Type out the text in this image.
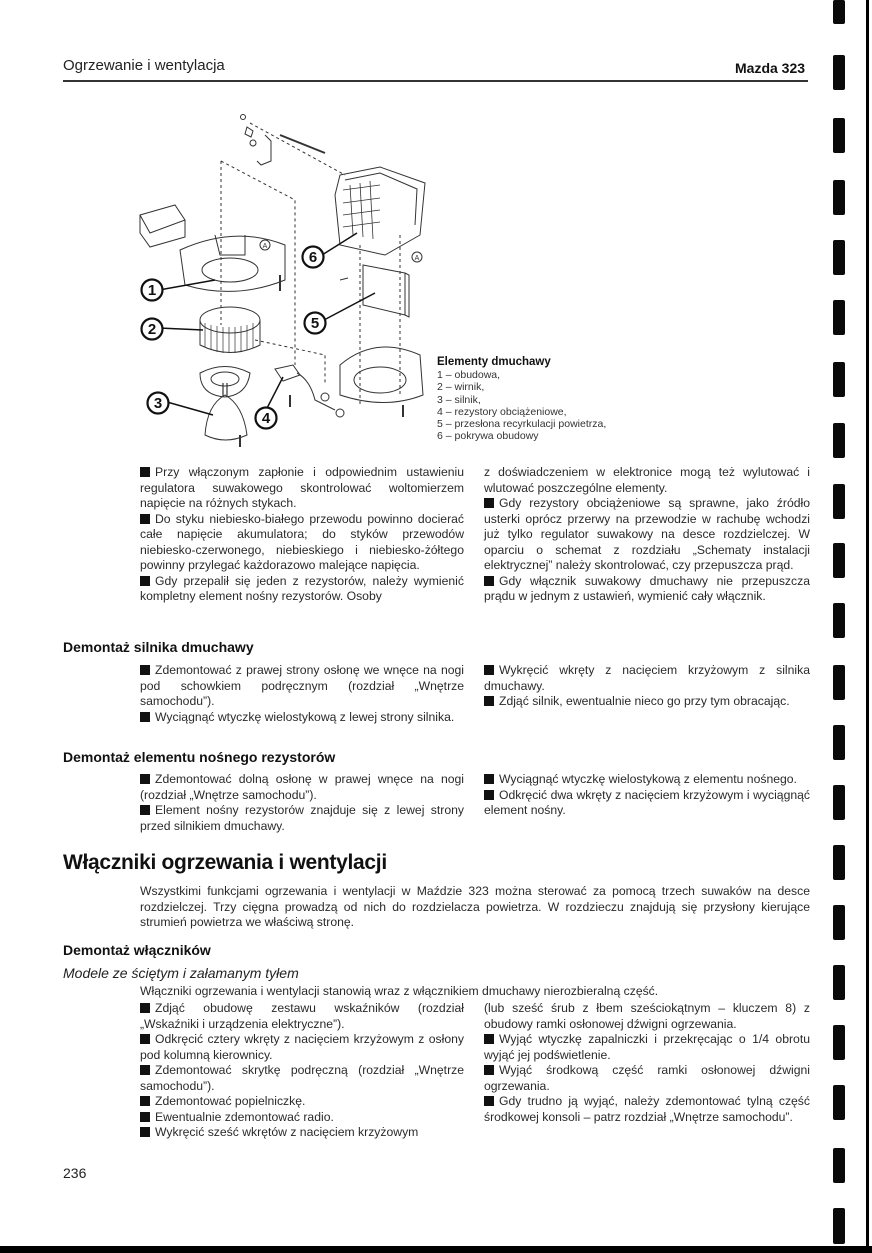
Ogrzewanie i wentylacja	Mazda 323
A
A
1
2
3
4
5
6
Elementy dmuchawy
1 – obudowa,
2 – wirnik,
3 – silnik,
4 – rezystory obciążeniowe,
5 – przesłona recyrkulacji powietrza,
6 – pokrywa obudowy

Przy włączonym zapłonie i odpowiednim ustawieniu regulatora suwakowego skontrolować woltomierzem napięcie na różnych stykach.

Do styku niebiesko-białego przewodu powinno docierać całe napięcie akumulatora; do styków przewodów niebiesko-czerwonego, niebieskiego i niebiesko-żółtego powinny przylegać każdorazowo malejące napięcia.

Gdy przepalił się jeden z rezystorów, należy wymienić kompletny element nośny rezystorów. Osoby

z doświadczeniem w elektronice mogą też wylutować i wlutować poszczególne elementy.

Gdy rezystory obciążeniowe są sprawne, jako źródło usterki oprócz przerwy na przewodzie w rachubę wchodzi już tylko regulator suwakowy na desce rozdzielczej. W oparciu o schemat z rozdziału „Schematy instalacji elektrycznej” należy skontrolować, czy przepuszcza prąd.

Gdy włącznik suwakowy dmuchawy nie przepuszcza prądu w jednym z ustawień, wymienić cały włącznik.

Demontaż silnika dmuchawy

Zdemontować z prawej strony osłonę we wnęce na nogi pod schowkiem podręcznym (rozdział „Wnętrze samochodu”).

Wyciągnąć wtyczkę wielostykową z lewej strony silnika.

Wykręcić wkręty z nacięciem krzyżowym z silnika dmuchawy.

Zdjąć silnik, ewentualnie nieco go przy tym obracając.

Demontaż elementu nośnego rezystorów

Zdemontować dolną osłonę w prawej wnęce na nogi (rozdział „Wnętrze samochodu”).

Element nośny rezystorów znajduje się z lewej strony przed silnikiem dmuchawy.

Wyciągnąć wtyczkę wielostykową z elementu nośnego.

Odkręcić dwa wkręty z nacięciem krzyżowym i wyciągnąć element nośny.

Włączniki ogrzewania i wentylacji
Wszystkimi funkcjami ogrzewania i wentylacji w Maździe 323 można sterować za pomocą trzech suwaków na desce rozdzielczej. Trzy cięgna prowadzą od nich do rozdzielacza powietrza. W rozdzieczu znajdują się przysłony kierujące strumień powietrza we właściwą stronę.
Demontaż włączników
Modele ze ściętym i załamanym tyłem
Włączniki ogrzewania i wentylacji stanowią wraz z włącznikiem dmuchawy nierozbieralną część.

Zdjąć obudowę zestawu wskaźników (rozdział „Wskaźniki i urządzenia elektryczne”).

Odkręcić cztery wkręty z nacięciem krzyżowym z osłony pod kolumną kierownicy.

Zdemontować skrytkę podręczną (rozdział „Wnętrze samochodu”).

Zdemontować popielniczkę.

Ewentualnie zdemontować radio.

Wykręcić sześć wkrętów z nacięciem krzyżowym

(lub sześć śrub z łbem sześciokątnym – kluczem 8) z obudowy ramki osłonowej dźwigni ogrzewania.

Wyjąć wtyczkę zapalniczki i przekręcając o 1/4 obrotu wyjąć jej podświetlenie.

Wyjąć środkową część ramki osłonowej dźwigni ogrzewania.

Gdy trudno ją wyjąć, należy zdemontować tylną część środkowej konsoli – patrz rozdział „Wnętrze samochodu”.

236
